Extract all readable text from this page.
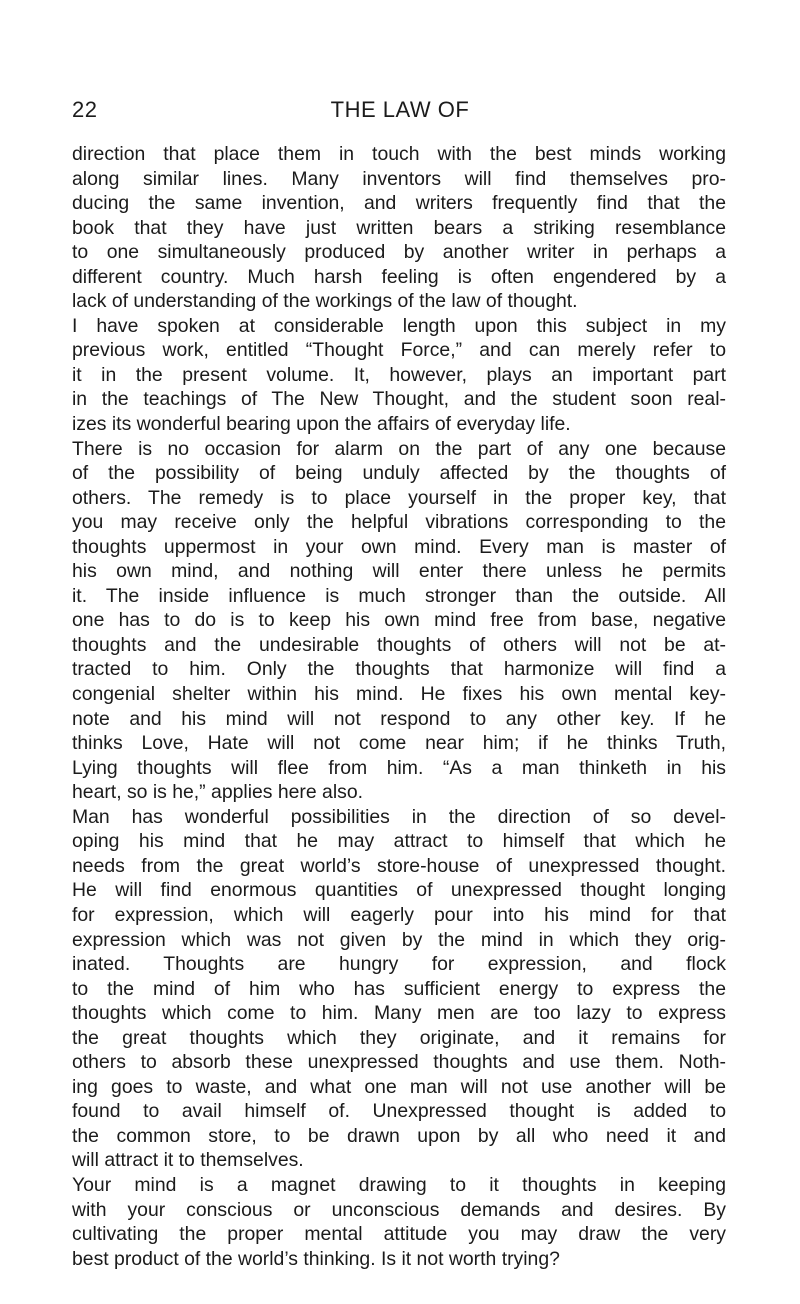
22	THE LAW OF
direction that place them in touch with the best minds working
along similar lines. Many inventors will find themselves pro-
ducing the same invention, and writers frequently find that the
book that they have just written bears a striking resemblance
to one simultaneously produced by another writer in perhaps a
different country. Much harsh feeling is often engendered by a
lack of understanding of the workings of the law of thought.
I have spoken at considerable length upon this subject in my
previous work, entitled “Thought Force,” and can merely refer to
it in the present volume. It, however, plays an important part
in the teachings of The New Thought, and the student soon real-
izes its wonderful bearing upon the affairs of everyday life.
There is no occasion for alarm on the part of any one because
of the possibility of being unduly affected by the thoughts of
others. The remedy is to place yourself in the proper key, that
you may receive only the helpful vibrations corresponding to the
thoughts uppermost in your own mind. Every man is master of
his own mind, and nothing will enter there unless he permits
it. The inside influence is much stronger than the outside. All
one has to do is to keep his own mind free from base, negative
thoughts and the undesirable thoughts of others will not be at-
tracted to him. Only the thoughts that harmonize will find a
congenial shelter within his mind. He fixes his own mental key-
note and his mind will not respond to any other key. If he
thinks Love, Hate will not come near him; if he thinks Truth,
Lying thoughts will flee from him. “As a man thinketh in his
heart, so is he,” applies here also.
Man has wonderful possibilities in the direction of so devel-
oping his mind that he may attract to himself that which he
needs from the great world’s store-house of unexpressed thought.
He will find enormous quantities of unexpressed thought longing
for expression, which will eagerly pour into his mind for that
expression which was not given by the mind in which they orig-
inated. Thoughts are hungry for expression, and flock
to the mind of him who has sufficient energy to express the
thoughts which come to him. Many men are too lazy to express
the great thoughts which they originate, and it remains for
others to absorb these unexpressed thoughts and use them. Noth-
ing goes to waste, and what one man will not use another will be
found to avail himself of. Unexpressed thought is added to
the common store, to be drawn upon by all who need it and
will attract it to themselves.
Your mind is a magnet drawing to it thoughts in keeping
with your conscious or unconscious demands and desires. By
cultivating the proper mental attitude you may draw the very
best product of the world’s thinking. Is it not worth trying?
